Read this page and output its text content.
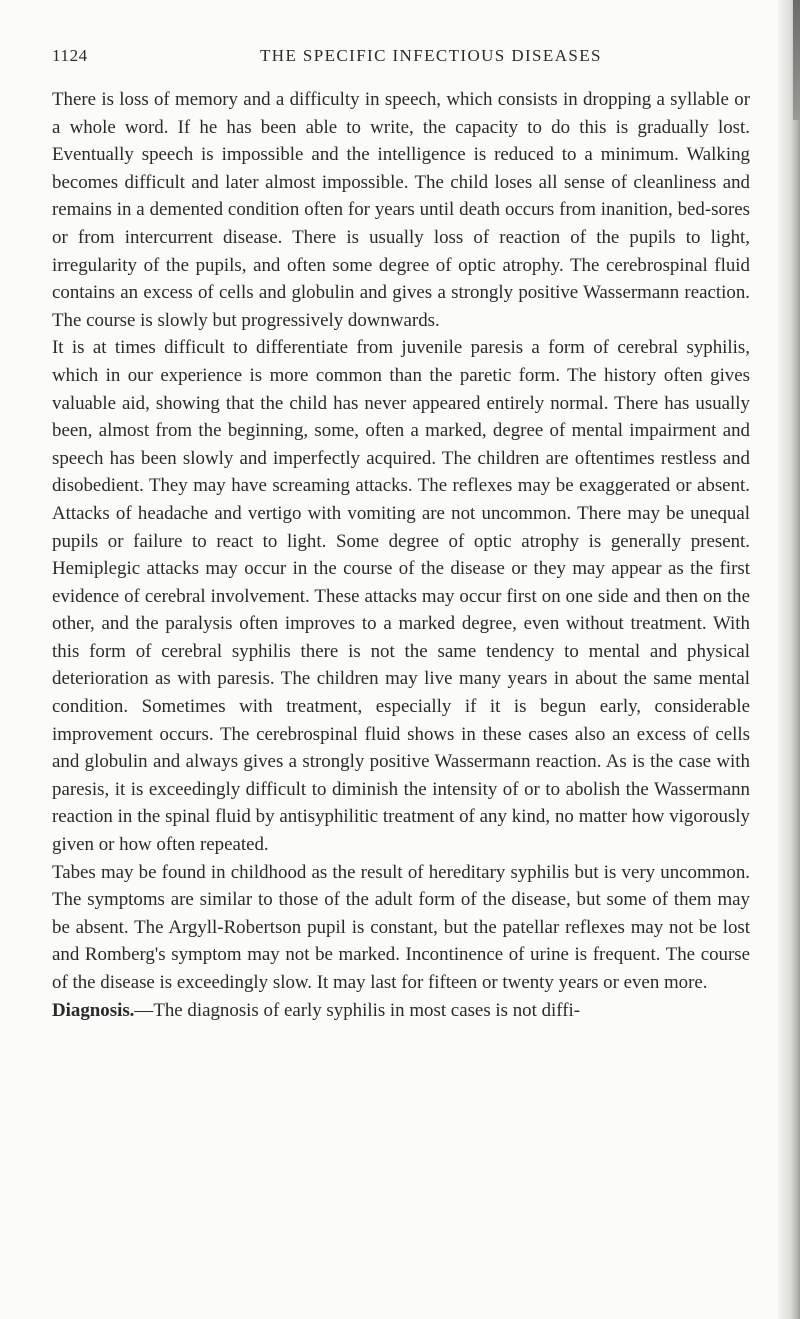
1124	THE SPECIFIC INFECTIOUS DISEASES

There is loss of memory and a difficulty in speech, which consists in dropping a syllable or a whole word. If he has been able to write, the capacity to do this is gradually lost. Eventually speech is impossible and the intelligence is reduced to a minimum. Walking becomes difficult and later almost impossible. The child loses all sense of cleanliness and remains in a demented condition often for years until death occurs from inanition, bed-sores or from intercurrent disease. There is usually loss of reaction of the pupils to light, irregularity of the pupils, and often some degree of optic atrophy. The cerebrospinal fluid contains an excess of cells and globulin and gives a strongly positive Wassermann reaction. The course is slowly but progressively downwards.

It is at times difficult to differentiate from juvenile paresis a form of cerebral syphilis, which in our experience is more common than the paretic form. The history often gives valuable aid, showing that the child has never appeared entirely normal. There has usually been, almost from the beginning, some, often a marked, degree of mental impairment and speech has been slowly and imperfectly acquired. The children are oftentimes restless and disobedient. They may have screaming attacks. The reflexes may be exaggerated or absent. Attacks of headache and vertigo with vomiting are not uncommon. There may be unequal pupils or failure to react to light. Some degree of optic atrophy is generally present. Hemiplegic attacks may occur in the course of the disease or they may appear as the first evidence of cerebral involvement. These attacks may occur first on one side and then on the other, and the paralysis often improves to a marked degree, even without treatment. With this form of cerebral syphilis there is not the same tendency to mental and physical deterioration as with paresis. The children may live many years in about the same mental condition. Sometimes with treatment, especially if it is begun early, considerable improvement occurs. The cerebrospinal fluid shows in these cases also an excess of cells and globulin and always gives a strongly positive Wassermann reaction. As is the case with paresis, it is exceedingly difficult to diminish the intensity of or to abolish the Wassermann reaction in the spinal fluid by antisyphilitic treatment of any kind, no matter how vigorously given or how often repeated.

Tabes may be found in childhood as the result of hereditary syphilis but is very uncommon. The symptoms are similar to those of the adult form of the disease, but some of them may be absent. The Argyll-Robertson pupil is constant, but the patellar reflexes may not be lost and Romberg's symptom may not be marked. Incontinence of urine is frequent. The course of the disease is exceedingly slow. It may last for fifteen or twenty years or even more.

Diagnosis.—The diagnosis of early syphilis in most cases is not diffi-
